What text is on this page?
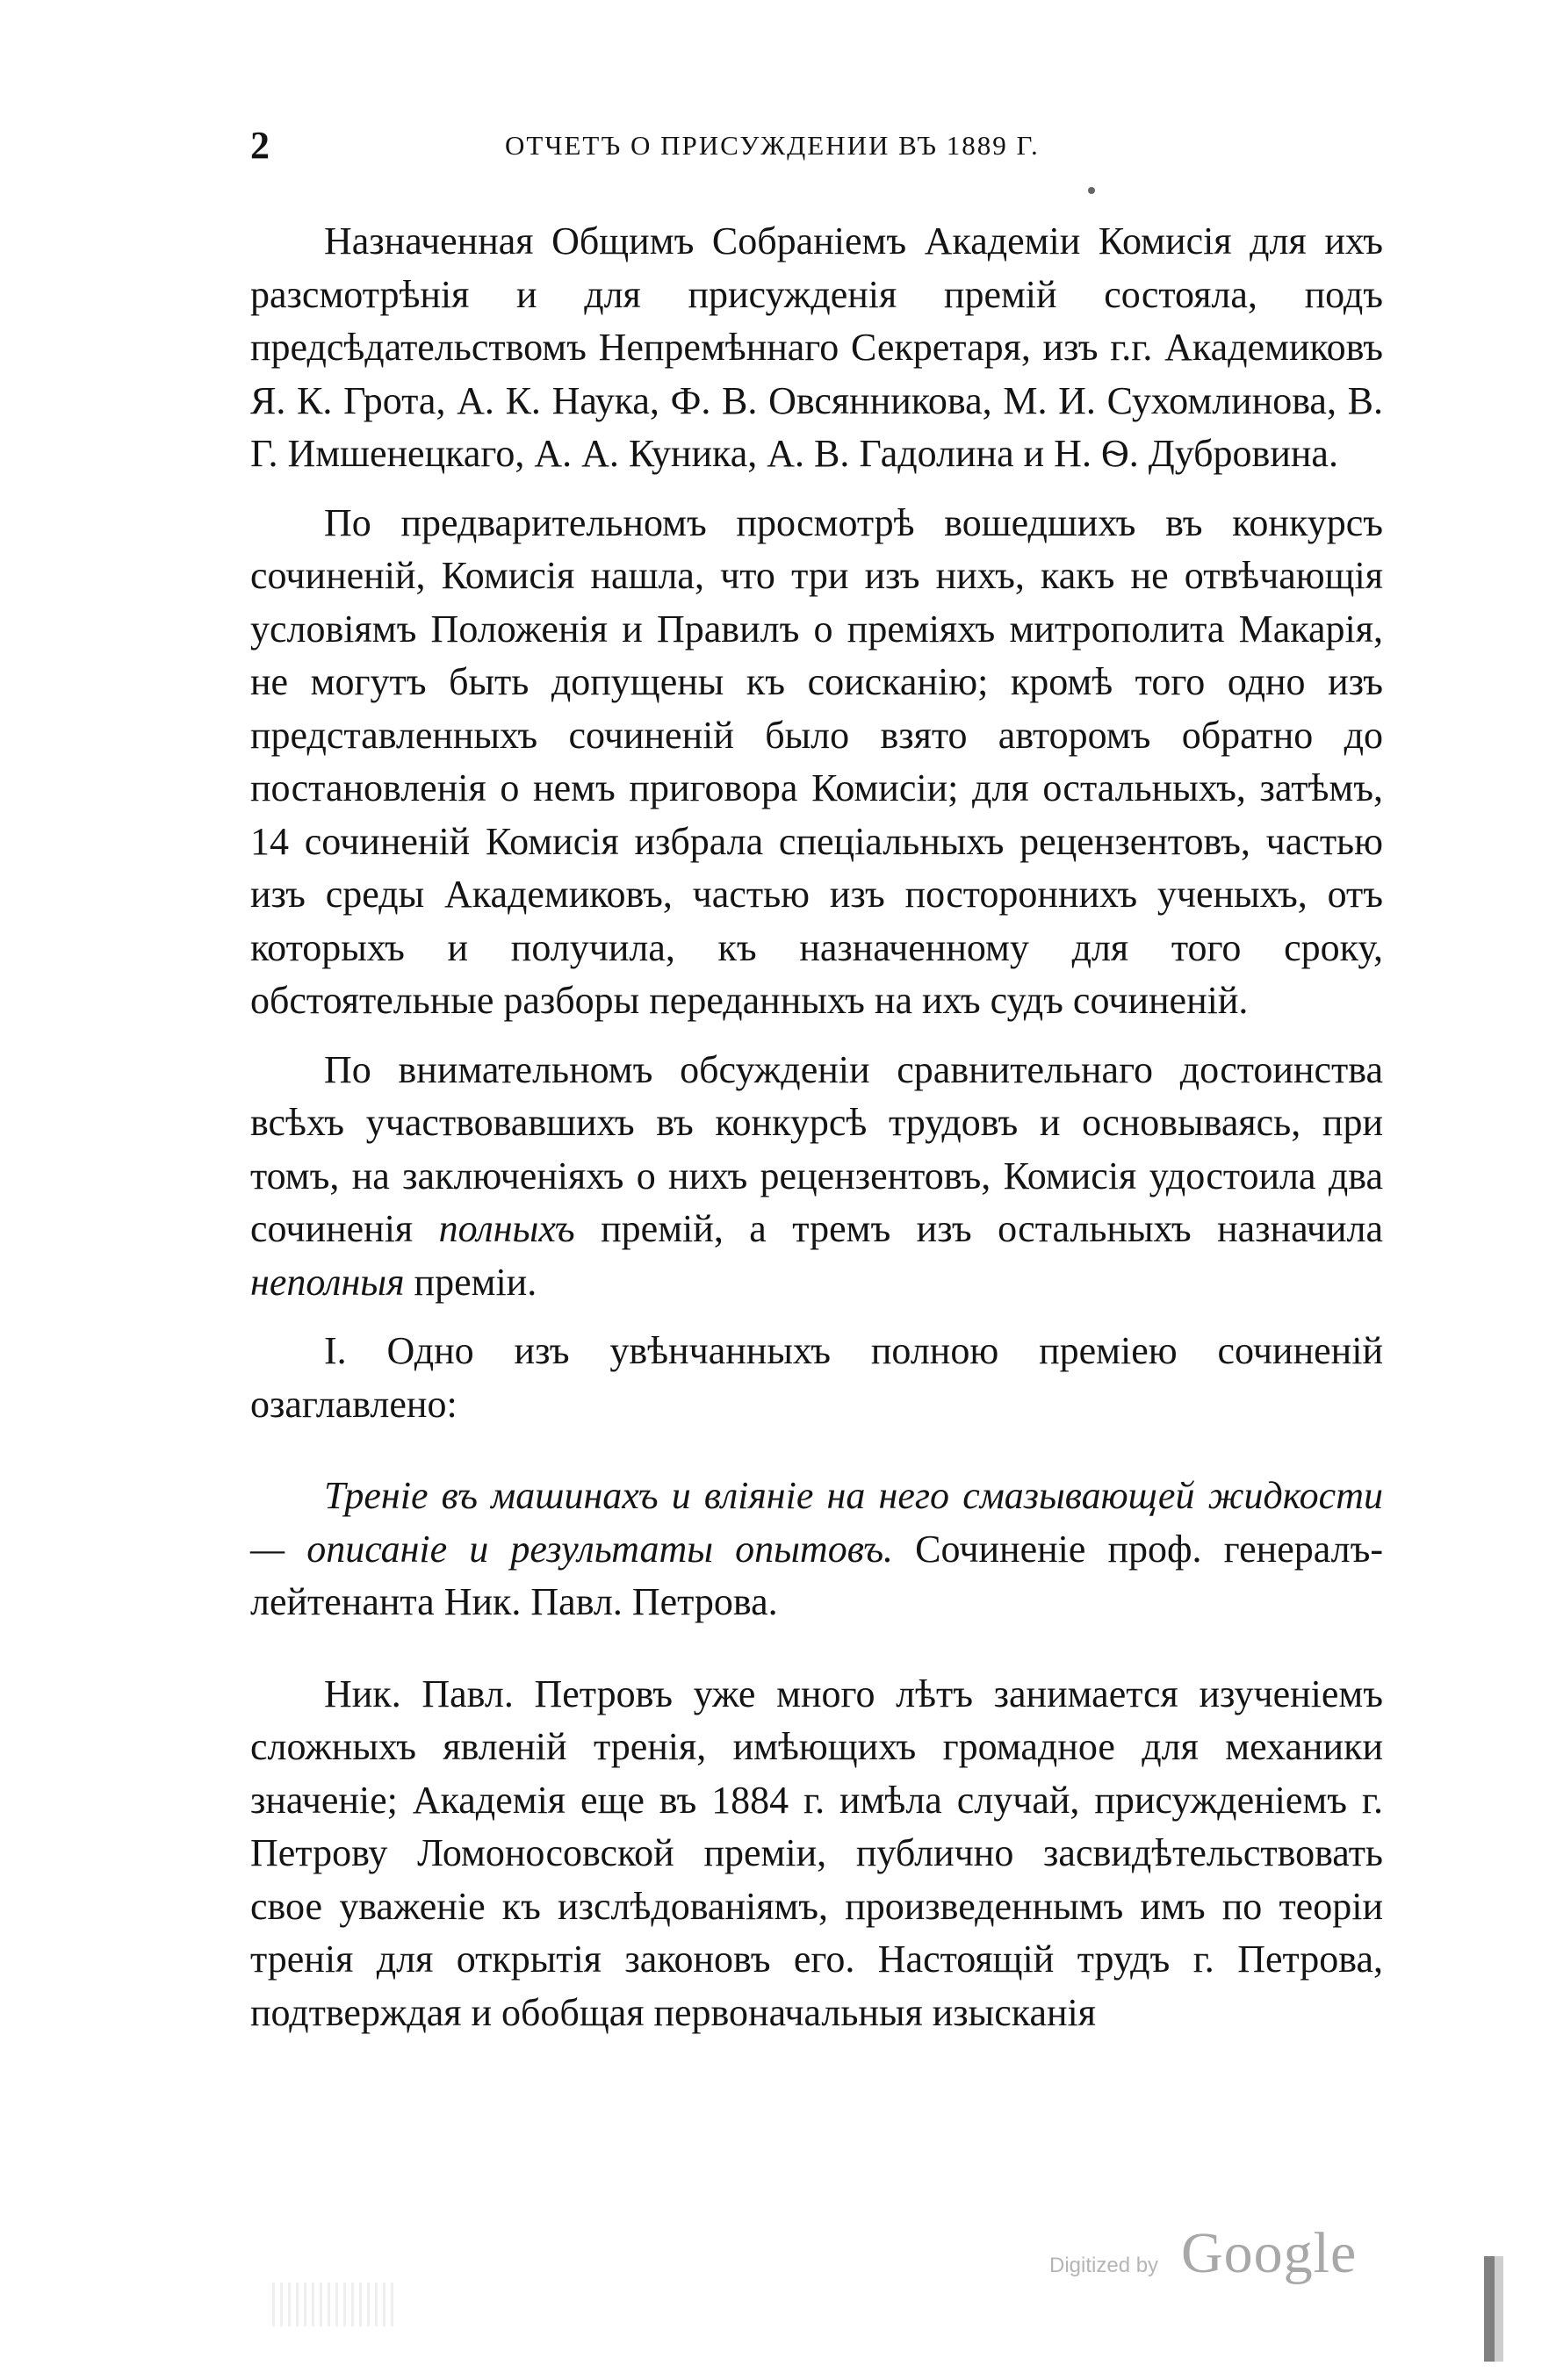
2	ОТЧЕТЪ О ПРИСУЖДЕНИИ ВЪ 1889 Г.

Назначенная Общимъ Собраніемъ Академіи Комисія для ихъ разсмотрѣнія и для присужденія премій состояла, подъ предсѣдательствомъ Непремѣннаго Секретаря, изъ г.г. Академиковъ Я. К. Грота, А. К. Наука, Ф. В. Овсянникова, М. И. Сухомлинова, В. Г. Имшенецкаго, А. А. Куника, А. В. Гадолина и Н. Ѳ. Дубровина.

По предварительномъ просмотрѣ вошедшихъ въ конкурсъ сочиненій, Комисія нашла, что три изъ нихъ, какъ не отвѣчающія условіямъ Положенія и Правилъ о преміяхъ митрополита Макарія, не могутъ быть допущены къ соисканію; кромѣ того одно изъ представленныхъ сочиненій было взято авторомъ обратно до постановленія о немъ приговора Комисіи; для остальныхъ, затѣмъ, 14 сочиненій Комисія избрала спеціальныхъ рецензентовъ, частью изъ среды Академиковъ, частью изъ постороннихъ ученыхъ, отъ которыхъ и получила, къ назначенному для того сроку, обстоятельные разборы переданныхъ на ихъ судъ сочиненій.

По внимательномъ обсужденіи сравнительнаго достоинства всѣхъ участвовавшихъ въ конкурсѣ трудовъ и основываясь, при томъ, на заключеніяхъ о нихъ рецензентовъ, Комисія удостоила два сочиненія полныхъ премій, а тремъ изъ остальныхъ назначила неполныя преміи.

I. Одно изъ увѣнчанныхъ полною преміею сочиненій озаглавлено:

Треніе въ машинахъ и вліяніе на него смазывающей жидкости — описаніе и результаты опытовъ. Сочиненіе проф. генералъ-лейтенанта Ник. Павл. Петрова.

Ник. Павл. Петровъ уже много лѣтъ занимается изученіемъ сложныхъ явленій тренія, имѣющихъ громадное для механики значеніе; Академія еще въ 1884 г. имѣла случай, присужденіемъ г. Петрову Ломоносовской преміи, публично засвидѣтельствовать свое уваженіе къ изслѣдованіямъ, произведеннымъ имъ по теоріи тренія для открытія законовъ его. Настоящій трудъ г. Петрова, подтверждая и обобщая первоначальныя изысканія

Digitized by Google
